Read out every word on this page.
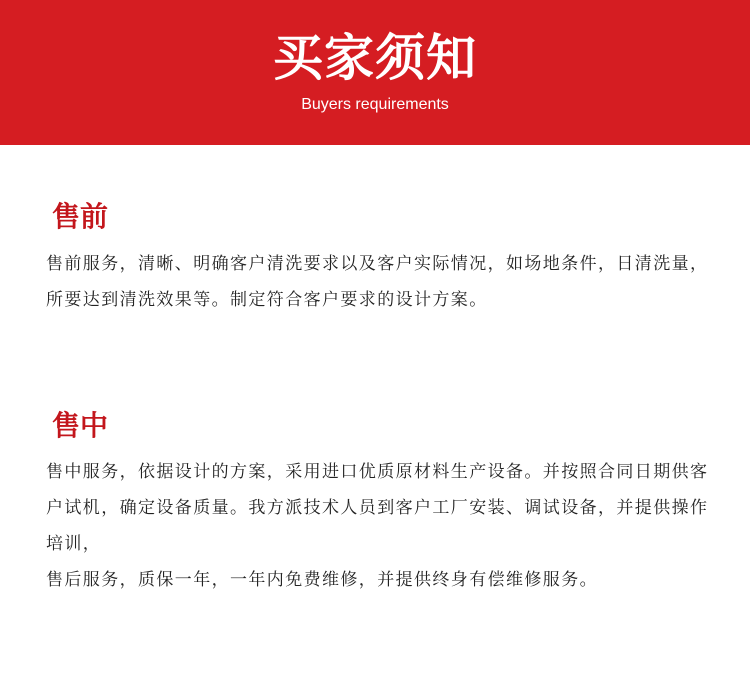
买家须知
Buyers requirements
售前

售前服务，清晰、明确客户清洗要求以及客户实际情况，如场地条件，日清洗量，所要达到清洗效果等。制定符合客户要求的设计方案。

售中

售中服务，依据设计的方案，采用进口优质原材料生产设备。并按照合同日期供客户试机，确定设备质量。我方派技术人员到客户工厂安装、调试设备，并提供操作培训，

售后服务，质保一年，一年内免费维修，并提供终身有偿维修服务。
